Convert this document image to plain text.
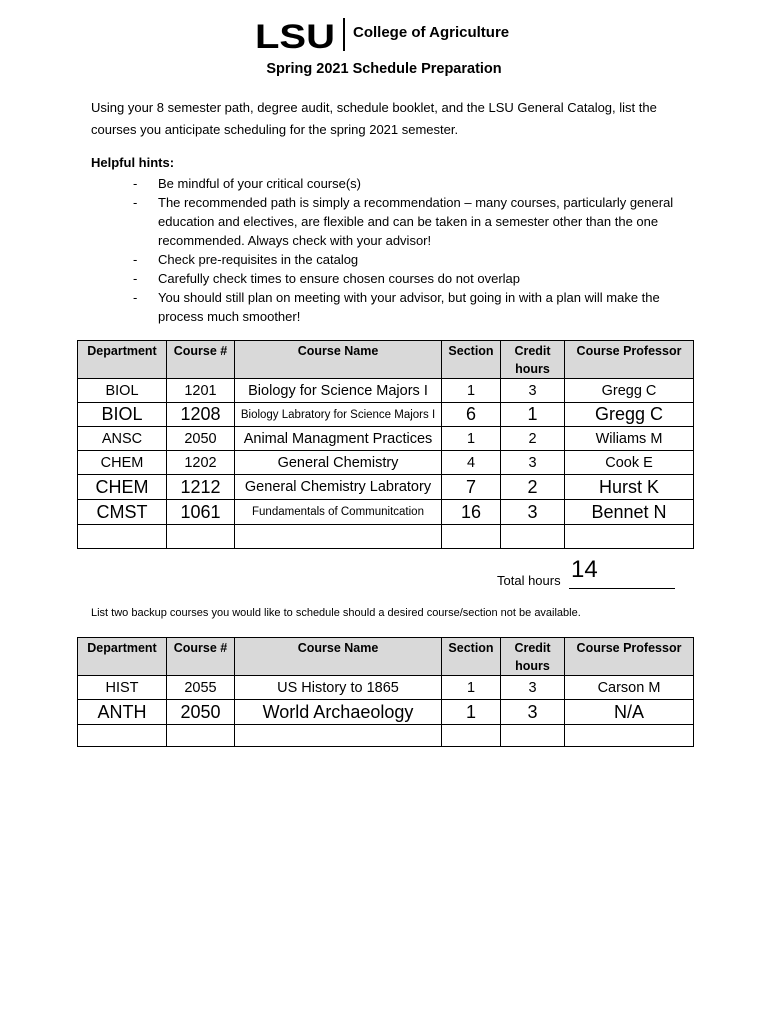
LSU College of Agriculture
Spring 2021 Schedule Preparation
Using your 8 semester path, degree audit, schedule booklet, and the LSU General Catalog, list the courses you anticipate scheduling for the spring 2021 semester.
Helpful hints:
- Be mindful of your critical course(s)
- The recommended path is simply a recommendation – many courses, particularly general education and electives, are flexible and can be taken in a semester other than the one recommended. Always check with your advisor!
- Check pre-requisites in the catalog
- Carefully check times to ensure chosen courses do not overlap
- You should still plan on meeting with your advisor, but going in with a plan will make the process much smoother!
Department	Course #	Course Name	Section	Credit hours	Course Professor
BIOL	1201	Biology for Science Majors I	1	3	Gregg C
BIOL	1208	Biology Labratory for Science Majors I	6	1	Gregg C
ANSC	2050	Animal Managment Practices	1	2	Wiliams M
CHEM	1202	General Chemistry	4	3	Cook E
CHEM	1212	General Chemistry Labratory	7	2	Hurst K
CMST	1061	Fundamentals of Communitcation	16	3	Bennet N

Total hours 14
List two backup courses you would like to schedule should a desired course/section not be available.
Department	Course #	Course Name	Section	Credit hours	Course Professor
HIST	2055	US History to 1865	1	3	Carson M
ANTH	2050	World Archaeology	1	3	N/A
